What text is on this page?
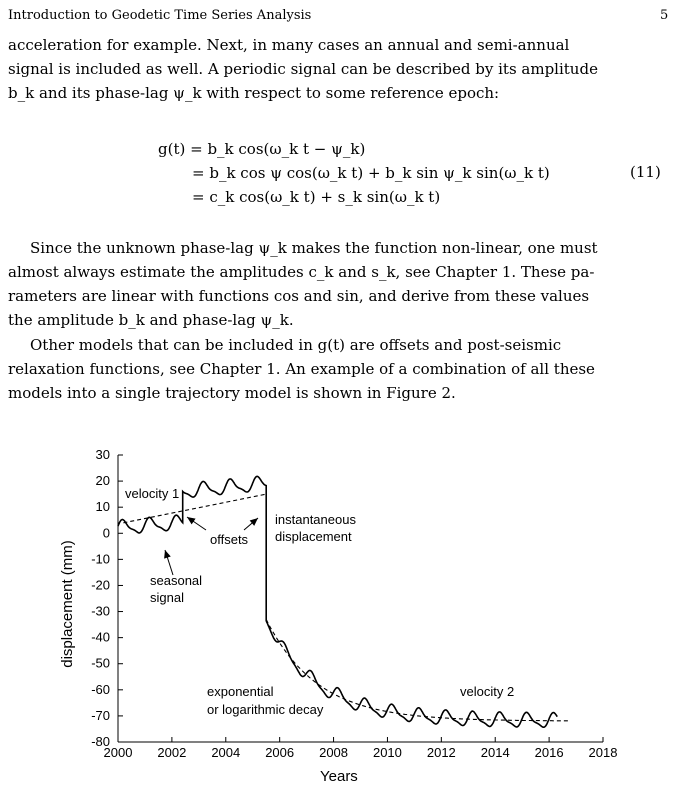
Introduction to Geodetic Time Series Analysis	5

acceleration for example. Next, in many cases an annual and semi-annual
signal is included as well. A periodic signal can be described by its amplitude
b_k and its phase-lag ψ_k with respect to some reference epoch:

g(t) = b_k cos(ω_k t − ψ_k)
= b_k cos ψ cos(ω_k t) + b_k sin ψ_k sin(ω_k t)
= c_k cos(ω_k t) + s_k sin(ω_k t)
(11)

Since the unknown phase-lag ψ_k makes the function non-linear, one must
almost always estimate the amplitudes c_k and s_k, see Chapter 1. These pa-
rameters are linear with functions cos and sin, and derive from these values
the amplitude b_k and phase-lag ψ_k.

Other models that can be included in g(t) are offsets and post-seismic
relaxation functions, see Chapter 1. An example of a combination of all these
models into a single trajectory model is shown in Figure 2.

2000 2002 2004 2006 2008 2010 2012 2014 2016 2018
30
20
10
0
-10
-20
-30
-40
-50
-60
-70
-80
Years
displacement (mm)
velocity 1
offsets
instantaneous
displacement
seasonal
signal
exponential
or logarithmic decay
velocity 2
